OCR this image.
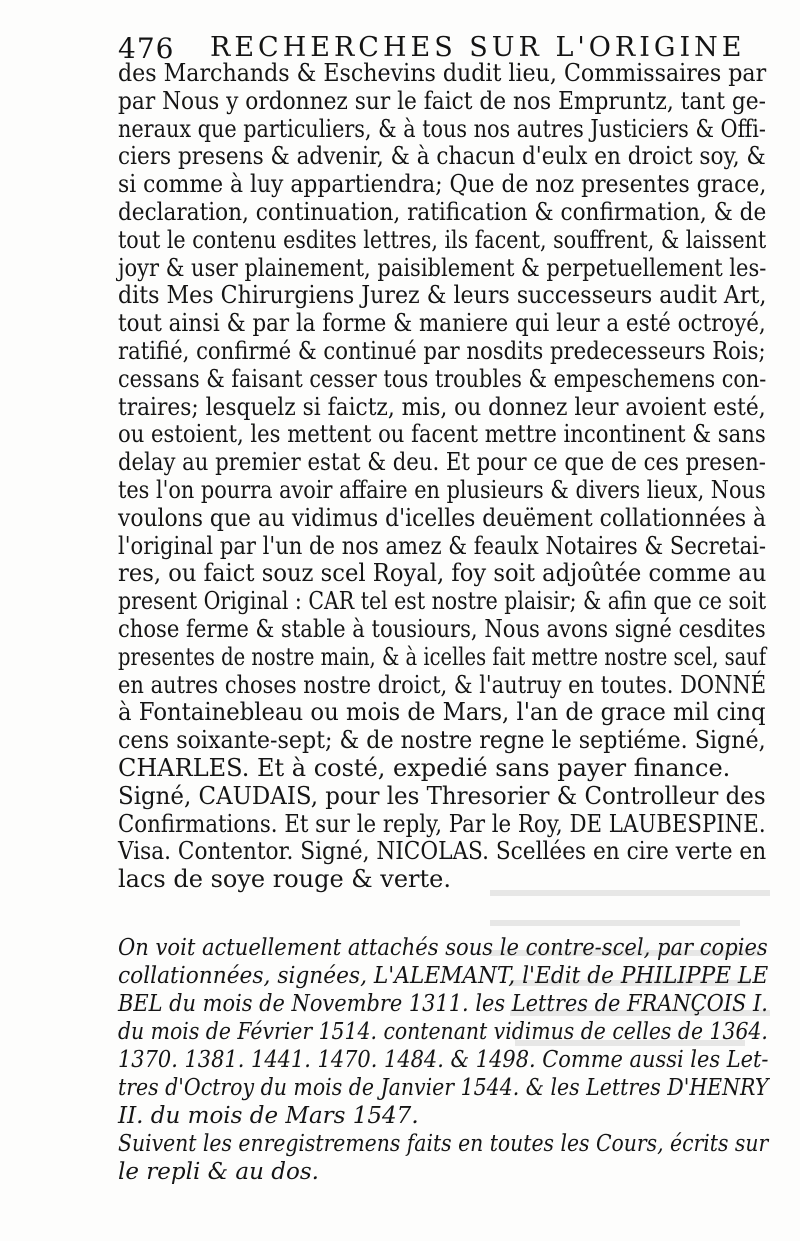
476 RECHERCHES SUR L'ORIGINE
des Marchands & Eschevins dudit lieu, Commissaires par
par Nous y ordonnez sur le faict de nos Empruntz, tant ge-
neraux que particuliers, & à tous nos autres Justiciers & Offi-
ciers presens & advenir, & à chacun d'eulx en droict soy, &
si comme à luy appartiendra; Que de noz presentes grace,
declaration, continuation, ratification & confirmation, & de
tout le contenu esdites lettres, ils facent, souffrent, & laissent
joyr & user plainement, paisiblement & perpetuellement les-
dits Mes Chirurgiens Jurez & leurs successeurs audit Art,
tout ainsi & par la forme & maniere qui leur a esté octroyé,
ratifié, confirmé & continué par nosdits predecesseurs Rois;
cessans & faisant cesser tous troubles & empeschemens con-
traires; lesquelz si faictz, mis, ou donnez leur avoient esté,
ou estoient, les mettent ou facent mettre incontinent & sans
delay au premier estat & deu. Et pour ce que de ces presen-
tes l'on pourra avoir affaire en plusieurs & divers lieux, Nous
voulons que au vidimus d'icelles deuëment collationnées à
l'original par l'un de nos amez & feaulx Notaires & Secretai-
res, ou faict souz scel Royal, foy soit adjoûtée comme au
present Original : CAR tel est nostre plaisir; & afin que ce soit
chose ferme & stable à tousiours, Nous avons signé cesdites
presentes de nostre main, & à icelles fait mettre nostre scel, sauf
en autres choses nostre droict, & l'autruy en toutes. DONNÉ
à Fontainebleau ou mois de Mars, l'an de grace mil cinq
cens soixante-sept; & de nostre regne le septiéme. Signé,
CHARLES. Et à costé, expedié sans payer finance.
Signé, CAUDAIS, pour les Thresorier & Controlleur des
Confirmations. Et sur le reply, Par le Roy, DE LAUBESPINE.
Visa. Contentor. Signé, NICOLAS. Scellées en cire verte en
lacs de soye rouge & verte.
On voit actuellement attachés sous le contre-scel, par copies
collationnées, signées, L'ALEMANT, l'Edit de PHILIPPE LE
BEL du mois de Novembre 1311. les Lettres de FRANÇOIS I.
du mois de Février 1514. contenant vidimus de celles de 1364.
1370. 1381. 1441. 1470. 1484. & 1498. Comme aussi les Let-
tres d'Octroy du mois de Janvier 1544. & les Lettres D'HENRY
II. du mois de Mars 1547.
Suivent les enregistremens faits en toutes les Cours, écrits sur
le repli & au dos.
